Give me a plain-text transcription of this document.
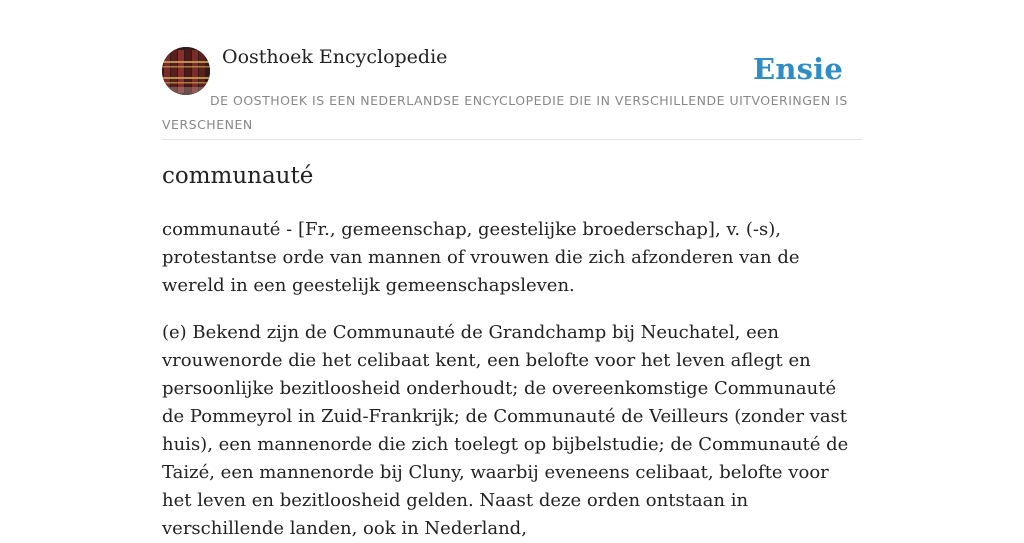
Oosthoek Encyclopedie	Ensie

DE OOSTHOEK IS EEN NEDERLANDSE ENCYCLOPEDIE DIE IN VERSCHILLENDE UITVOERINGEN IS VERSCHENEN

communauté

communauté - [Fr., gemeenschap, geestelijke broederschap], v. (-s), protestantse orde van mannen of vrouwen die zich afzonderen van de wereld in een geestelijk gemeenschapsleven.

(e) Bekend zijn de Communauté de Grandchamp bij Neuchatel, een vrouwenorde die het celibaat kent, een belofte voor het leven aflegt en persoonlijke bezitloosheid onderhoudt; de overeenkomstige Communauté de Pommeyrol in Zuid-Frankrijk; de Communauté de Veilleurs (zonder vast huis), een mannenorde die zich toelegt op bijbelstudie; de Communauté de Taizé, een mannenorde bij Cluny, waarbij eveneens celibaat, belofte voor het leven en bezitloosheid gelden. Naast deze orden ontstaan in verschillende landen, ook in Nederland,
